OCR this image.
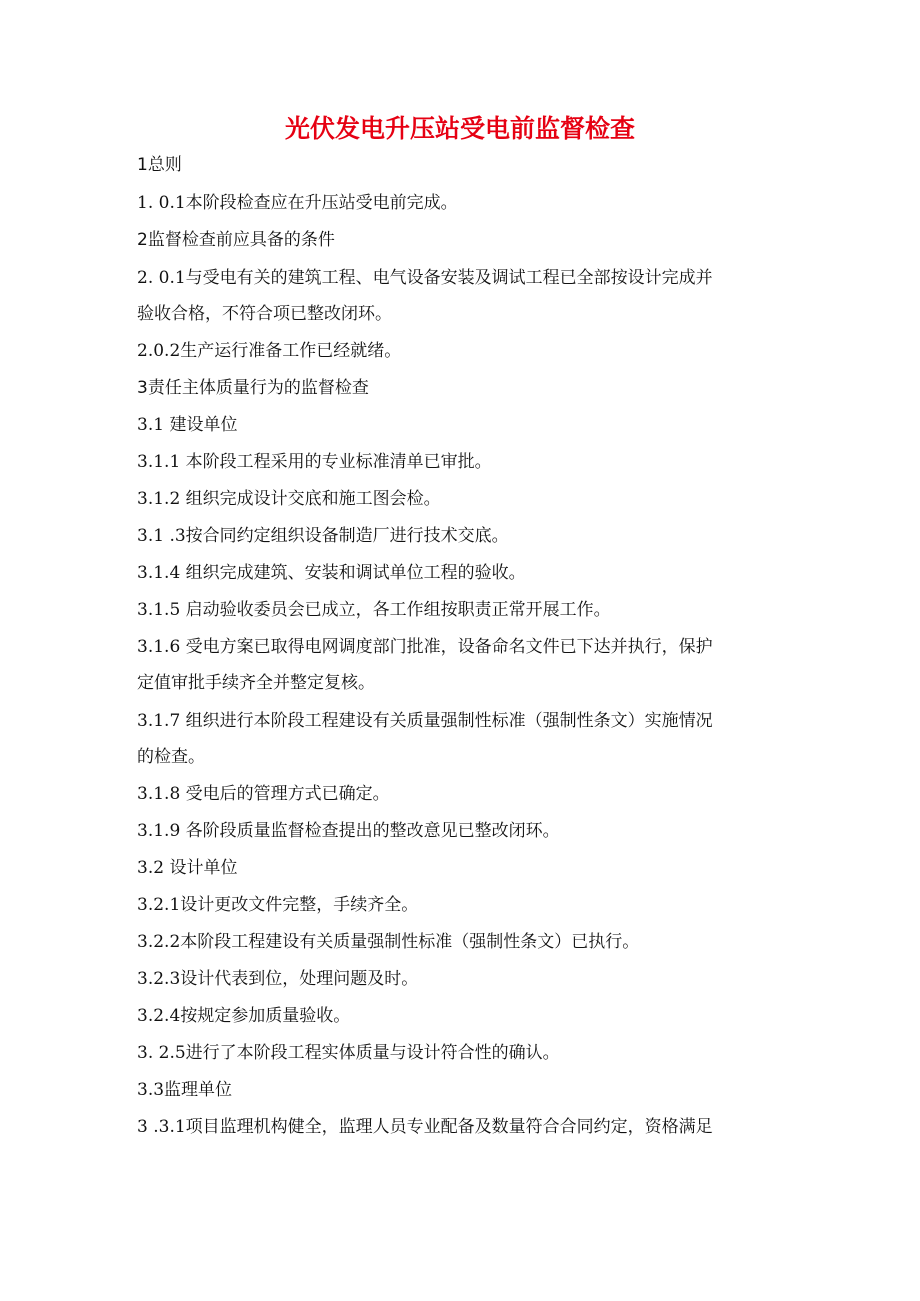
光伏发电升压站受电前监督检查
1总则
1. 0.1本阶段检查应在升压站受电前完成。
2监督检查前应具备的条件
2. 0.1与受电有关的建筑工程、电气设备安装及调试工程已全部按设计完成并
验收合格，不符合项已整改闭环。
2.0.2生产运行准备工作已经就绪。
3责任主体质量行为的监督检查
3.1 建设单位
3.1.1 本阶段工程采用的专业标准清单已审批。
3.1.2 组织完成设计交底和施工图会检。
3.1 .3按合同约定组织设备制造厂进行技术交底。
3.1.4 组织完成建筑、安装和调试单位工程的验收。
3.1.5 启动验收委员会已成立，各工作组按职责正常开展工作。
3.1.6 受电方案已取得电网调度部门批准，设备命名文件已下达并执行，保护
定值审批手续齐全并整定复核。
3.1.7 组织进行本阶段工程建设有关质量强制性标准（强制性条文）实施情况
的检查。
3.1.8 受电后的管理方式已确定。
3.1.9 各阶段质量监督检查提出的整改意见已整改闭环。
3.2 设计单位
3.2.1设计更改文件完整，手续齐全。
3.2.2本阶段工程建设有关质量强制性标准（强制性条文）已执行。
3.2.3设计代表到位，处理问题及时。
3.2.4按规定参加质量验收。
3. 2.5进行了本阶段工程实体质量与设计符合性的确认。
3.3监理单位
3 .3.1项目监理机构健全，监理人员专业配备及数量符合合同约定，资格满足
